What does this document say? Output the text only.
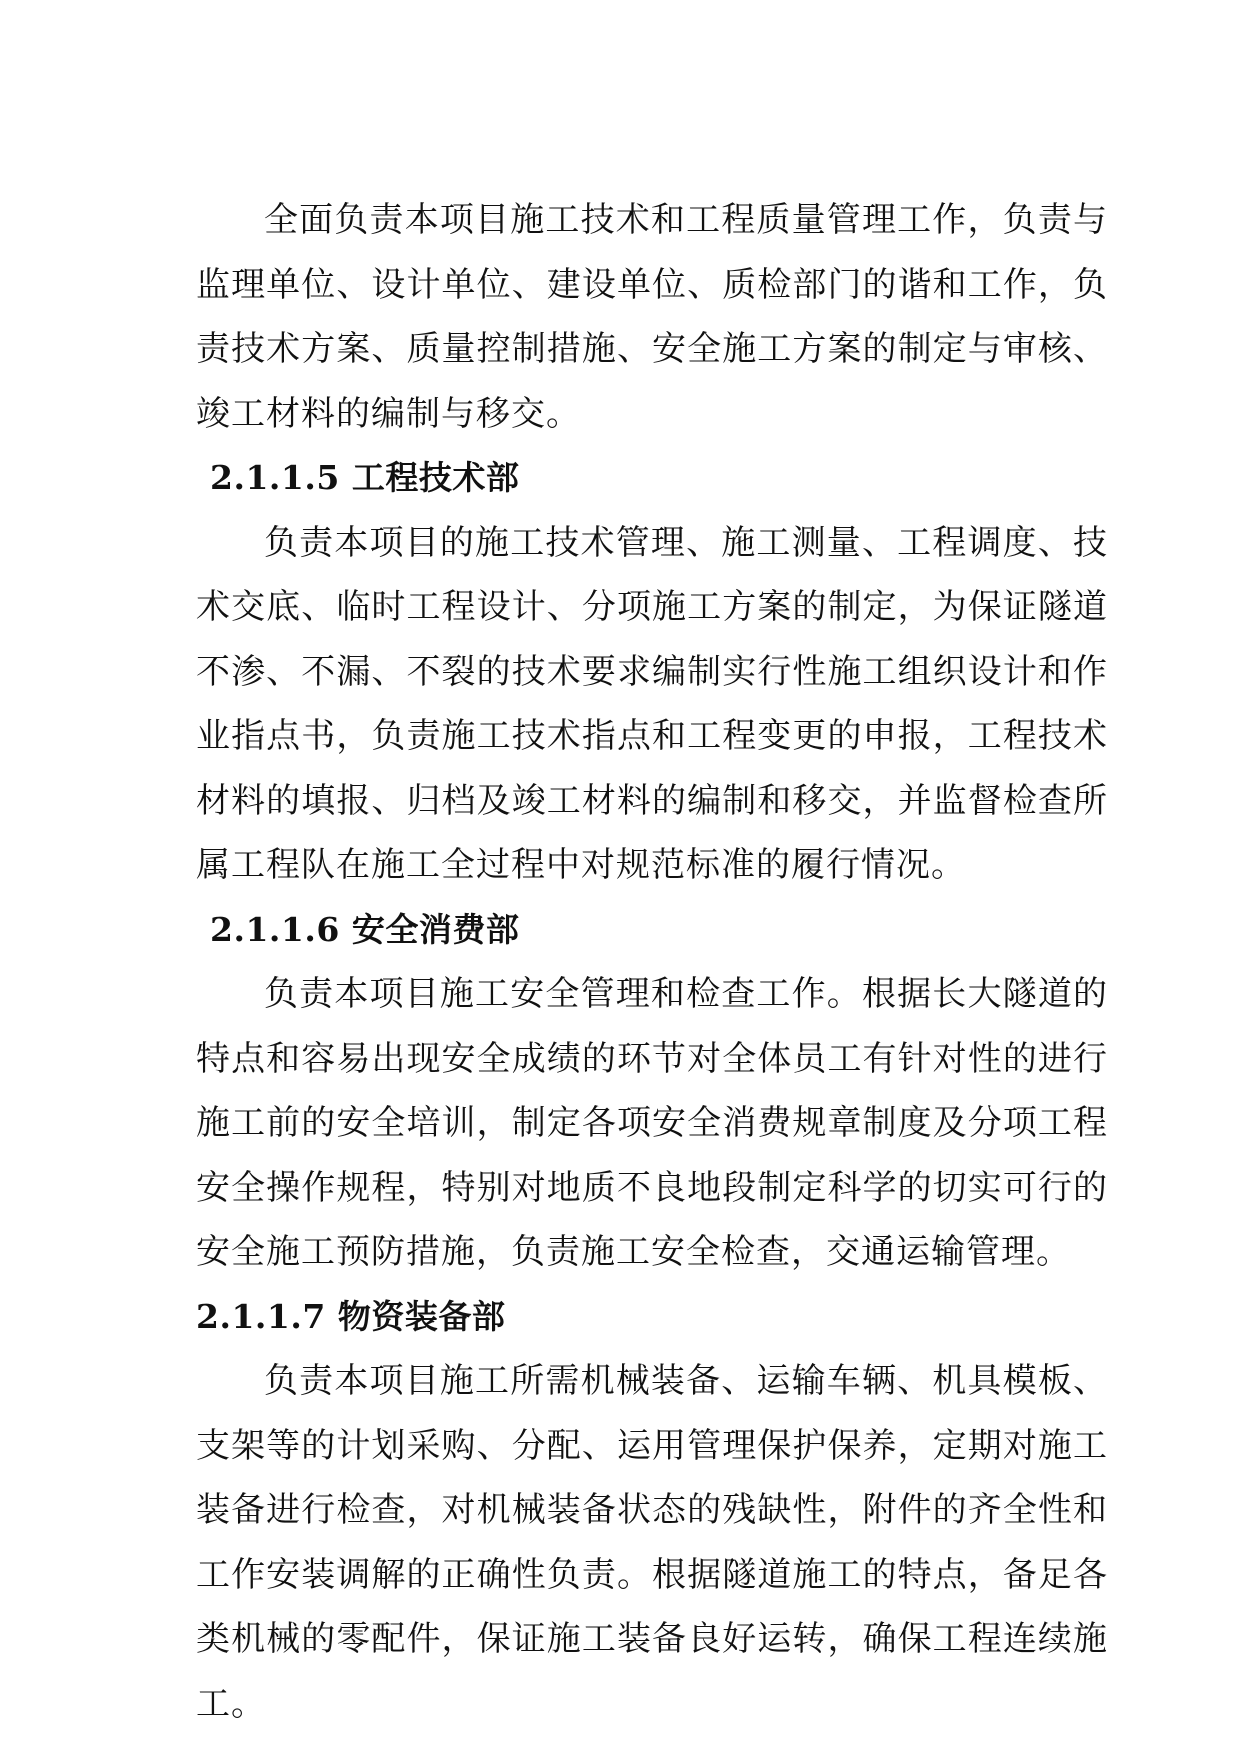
全面负责本项目施工技术和工程质量管理工作，负责与监理单位、设计单位、建设单位、质检部门的谐和工作，负责技术方案、质量控制措施、安全施工方案的制定与审核、竣工材料的编制与移交。

2.1.1.5 工程技术部

负责本项目的施工技术管理、施工测量、工程调度、技术交底、临时工程设计、分项施工方案的制定，为保证隧道不渗、不漏、不裂的技术要求编制实行性施工组织设计和作业指点书，负责施工技术指点和工程变更的申报，工程技术材料的填报、归档及竣工材料的编制和移交，并监督检查所属工程队在施工全过程中对规范标准的履行情况。

2.1.1.6 安全消费部

负责本项目施工安全管理和检查工作。根据长大隧道的特点和容易出现安全成绩的环节对全体员工有针对性的进行施工前的安全培训，制定各项安全消费规章制度及分项工程安全操作规程，特别对地质不良地段制定科学的切实可行的安全施工预防措施，负责施工安全检查，交通运输管理。

2.1.1.7 物资装备部

负责本项目施工所需机械装备、运输车辆、机具模板、支架等的计划采购、分配、运用管理保护保养，定期对施工装备进行检查，对机械装备状态的残缺性，附件的齐全性和工作安装调解的正确性负责。根据隧道施工的特点，备足各类机械的零配件，保证施工装备良好运转，确保工程连续施工。
